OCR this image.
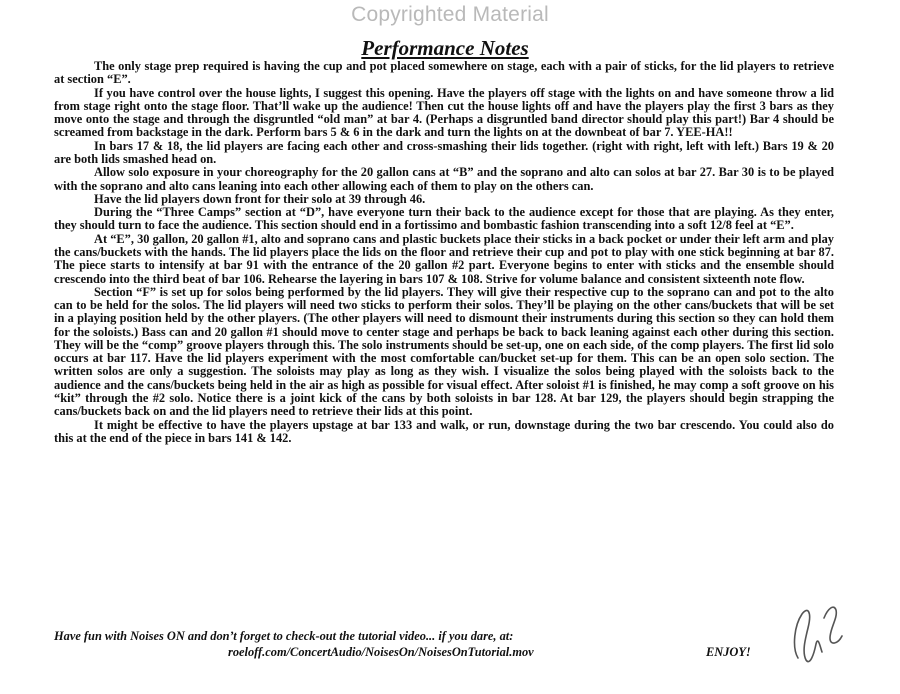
Copyrighted Material
Performance Notes

The only stage prep required is having the cup and pot placed somewhere on stage, each with a pair of sticks, for the lid players to retrieve at section “E”.

If you have control over the house lights, I suggest this opening. Have the players off stage with the lights on and have someone throw a lid from stage right onto the stage floor. That’ll wake up the audience! Then cut the house lights off and have the players play the first 3 bars as they move onto the stage and through the disgruntled “old man” at bar 4. (Perhaps a disgruntled band director should play this part!) Bar 4 should be screamed from backstage in the dark. Perform bars 5 & 6 in the dark and turn the lights on at the downbeat of bar 7. YEE-HA!!

In bars 17 & 18, the lid players are facing each other and cross-smashing their lids together. (right with right, left with left.) Bars 19 & 20 are both lids smashed head on.

Allow solo exposure in your choreography for the 20 gallon cans at “B” and the soprano and alto can solos at bar 27. Bar 30 is to be played with the soprano and alto cans leaning into each other allowing each of them to play on the others can.

Have the lid players down front for their solo at 39 through 46.

During the “Three Camps” section at “D”, have everyone turn their back to the audience except for those that are playing. As they enter, they should turn to face the audience. This section should end in a fortissimo and bombastic fashion transcending into a soft 12/8 feel at “E”.

At “E”, 30 gallon, 20 gallon #1, alto and soprano cans and plastic buckets place their sticks in a back pocket or under their left arm and play the cans/buckets with the hands. The lid players place the lids on the floor and retrieve their cup and pot to play with one stick beginning at bar 87. The piece starts to intensify at bar 91 with the entrance of the 20 gallon #2 part. Everyone begins to enter with sticks and the ensemble should crescendo into the third beat of bar 106. Rehearse the layering in bars 107 & 108. Strive for volume balance and consistent sixteenth note flow.

Section “F” is set up for solos being performed by the lid players. They will give their respective cup to the soprano can and pot to the alto can to be held for the solos. The lid players will need two sticks to perform their solos. They’ll be playing on the other cans/buckets that will be set in a playing position held by the other players. (The other players will need to dismount their instruments during this section so they can hold them for the soloists.) Bass can and 20 gallon #1 should move to center stage and perhaps be back to back leaning against each other during this section. They will be the “comp” groove players through this. The solo instruments should be set-up, one on each side, of the comp players. The first lid solo occurs at bar 117. Have the lid players experiment with the most comfortable can/bucket set-up for them. This can be an open solo section. The written solos are only a suggestion. The soloists may play as long as they wish. I visualize the solos being played with the soloists back to the audience and the cans/buckets being held in the air as high as possible for visual effect. After soloist #1 is finished, he may comp a soft groove on his “kit” through the #2 solo. Notice there is a joint kick of the cans by both soloists in bar 128. At bar 129, the players should begin strapping the cans/buckets back on and the lid players need to retrieve their lids at this point.

It might be effective to have the players upstage at bar 133 and walk, or run, downstage during the two bar crescendo. You could also do this at the end of the piece in bars 141 & 142.

Have fun with Noises ON and don’t forget to check-out the tutorial video... if you dare, at:
roeloff.com/ConcertAudio/NoisesOn/NoisesOnTutorial.mov	ENJOY!
